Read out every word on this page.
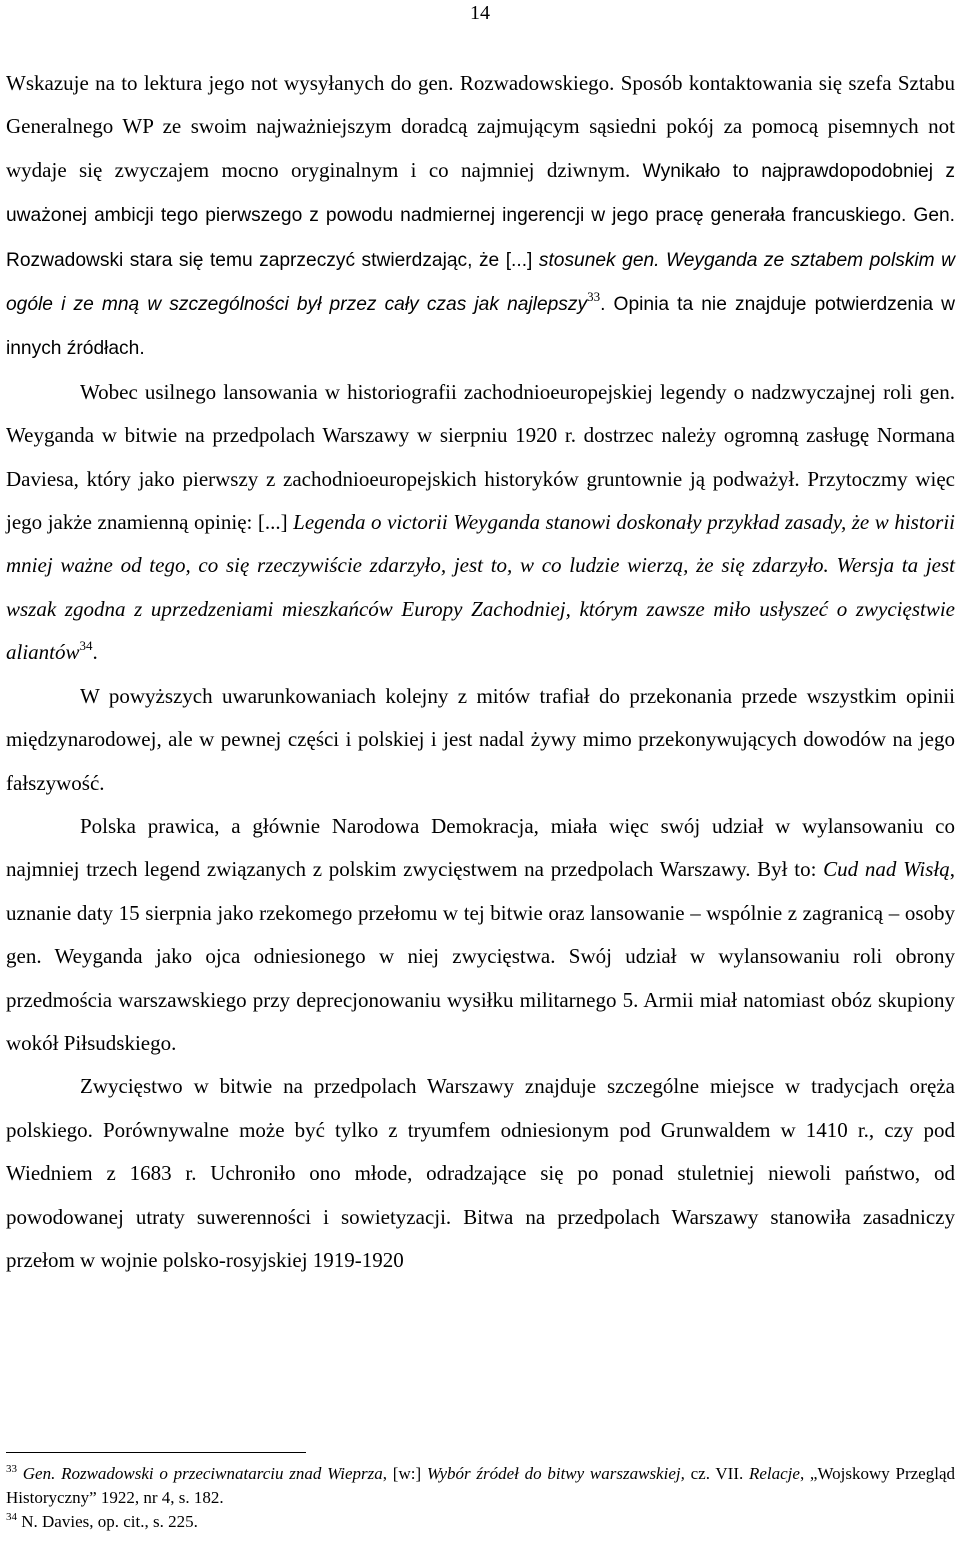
14

Wskazuje na to lektura jego not wysyłanych do gen. Rozwadowskiego. Sposób kontaktowania się szefa Sztabu Generalnego WP ze swoim najważniejszym doradcą zajmującym sąsiedni pokój za pomocą pisemnych not wydaje się zwyczajem mocno oryginalnym i co najmniej dziwnym. Wynikało to najprawdopodobniej z uważonej ambicji tego pierwszego z powodu nadmiernej ingerencji w jego pracę generała francuskiego. Gen. Rozwadowski stara się temu zaprzeczyć stwierdzając, że [...] stosunek gen. Weyganda ze sztabem polskim w ogóle i ze mną w szczególności był przez cały czas jak najlepszy$^{33}$. Opinia ta nie znajduje potwierdzenia w innych źródłach.

Wobec usilnego lansowania w historiografii zachodnioeuropejskiej legendy o nadzwyczajnej roli gen. Weyganda w bitwie na przedpolach Warszawy w sierpniu 1920 r. dostrzec należy ogromną zasługę Normana Daviesa, który jako pierwszy z zachodnioeuropejskich historyków gruntownie ją podważył. Przytoczmy więc jego jakże znamienną opinię: [...] Legenda o victorii Weyganda stanowi doskonały przykład zasady, że w historii mniej ważne od tego, co się rzeczywiście zdarzyło, jest to, w co ludzie wierzą, że się zdarzyło. Wersja ta jest wszak zgodna z uprzedzeniami mieszkańców Europy Zachodniej, którym zawsze miło usłyszeć o zwycięstwie aliantów$^{34}$.

W powyższych uwarunkowaniach kolejny z mitów trafiał do przekonania przede wszystkim opinii międzynarodowej, ale w pewnej części i polskiej i jest nadal żywy mimo przekonywujących dowodów na jego fałszywość.

Polska prawica, a głównie Narodowa Demokracja, miała więc swój udział w wylansowaniu co najmniej trzech legend związanych z polskim zwycięstwem na przedpolach Warszawy. Był to: Cud nad Wisłą, uznanie daty 15 sierpnia jako rzekomego przełomu w tej bitwie oraz lansowanie – wspólnie z zagranicą – osoby gen. Weyganda jako ojca odniesionego w niej zwycięstwa. Swój udział w wylansowaniu roli obrony przedmościa warszawskiego przy deprecjonowaniu wysiłku militarnego 5. Armii miał natomiast obóz skupiony wokół Piłsudskiego.

Zwycięstwo w bitwie na przedpolach Warszawy znajduje szczególne miejsce w tradycjach oręża polskiego. Porównywalne może być tylko z tryumfem odniesionym pod Grunwaldem w 1410 r., czy pod Wiedniem z 1683 r. Uchroniło ono młode, odradzające się po ponad stuletniej niewoli państwo, od powodowanej utraty suwerenności i sowietyzacji. Bitwa na przedpolach Warszawy stanowiła zasadniczy przełom w wojnie polsko-rosyjskiej 1919-1920

$^{33}$ Gen. Rozwadowski o przeciwnatarciu znad Wieprza, [w:] Wybór źródeł do bitwy warszawskiej, cz. VII. Relacje, „Wojskowy Przegląd Historyczny” 1922, nr 4, s. 182.

$^{34}$ N. Davies, op. cit., s. 225.
